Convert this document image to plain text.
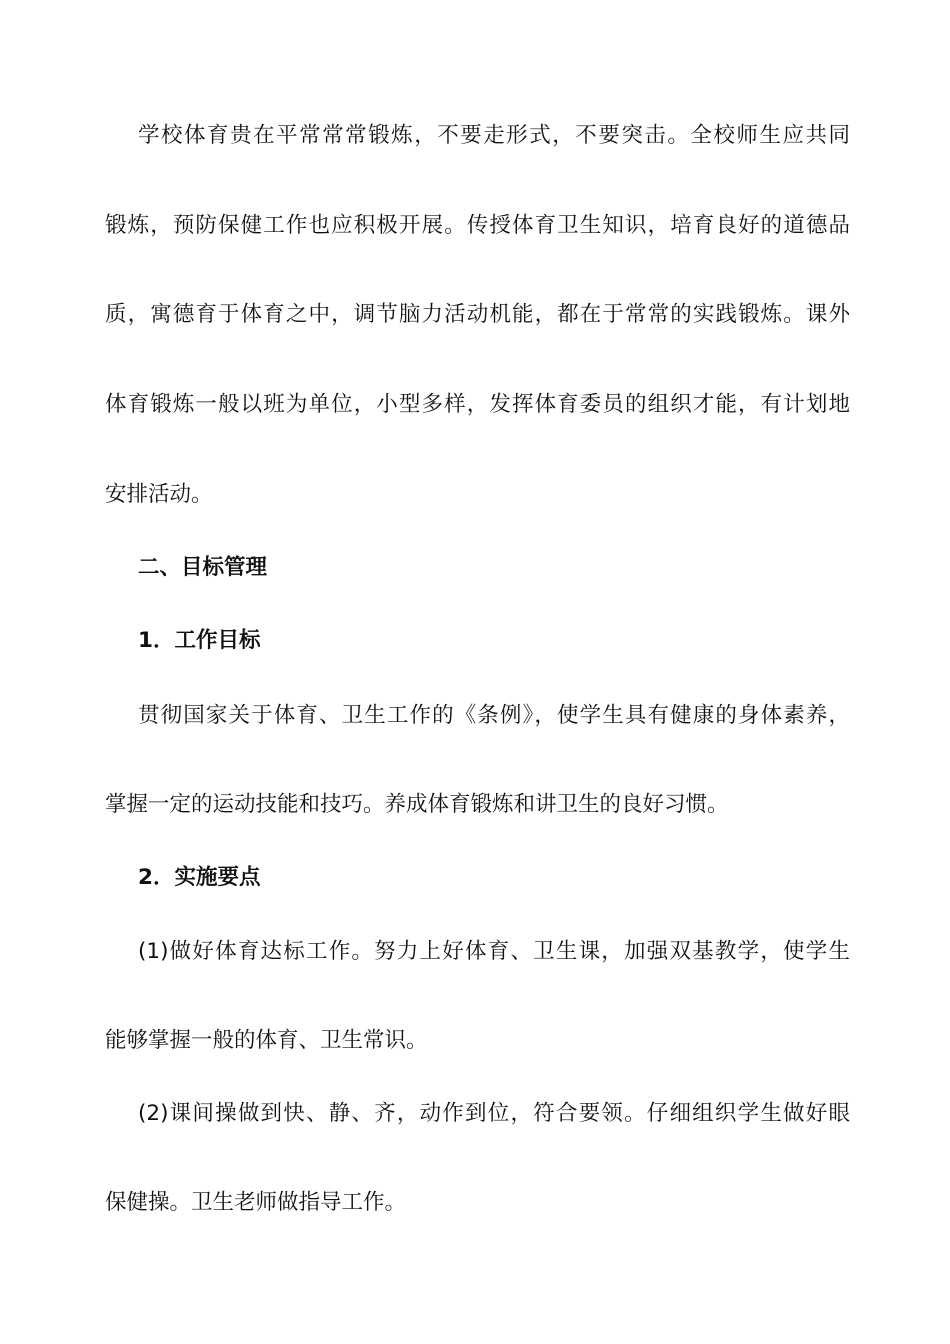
学校体育贵在平常常常锻炼，不要走形式，不要突击。全校师生应共同
锻炼，预防保健工作也应积极开展。传授体育卫生知识，培育良好的道德品
质，寓德育于体育之中，调节脑力活动机能，都在于常常的实践锻炼。课外
体育锻炼一般以班为单位，小型多样，发挥体育委员的组织才能，有计划地
安排活动。
二、目标管理
1．工作目标
贯彻国家关于体育、卫生工作的《条例》，使学生具有健康的身体素养，
掌握一定的运动技能和技巧。养成体育锻炼和讲卫生的良好习惯。
2．实施要点
(1)做好体育达标工作。努力上好体育、卫生课，加强双基教学，使学生
能够掌握一般的体育、卫生常识。
(2)课间操做到快、静、齐，动作到位，符合要领。仔细组织学生做好眼
保健操。卫生老师做指导工作。
